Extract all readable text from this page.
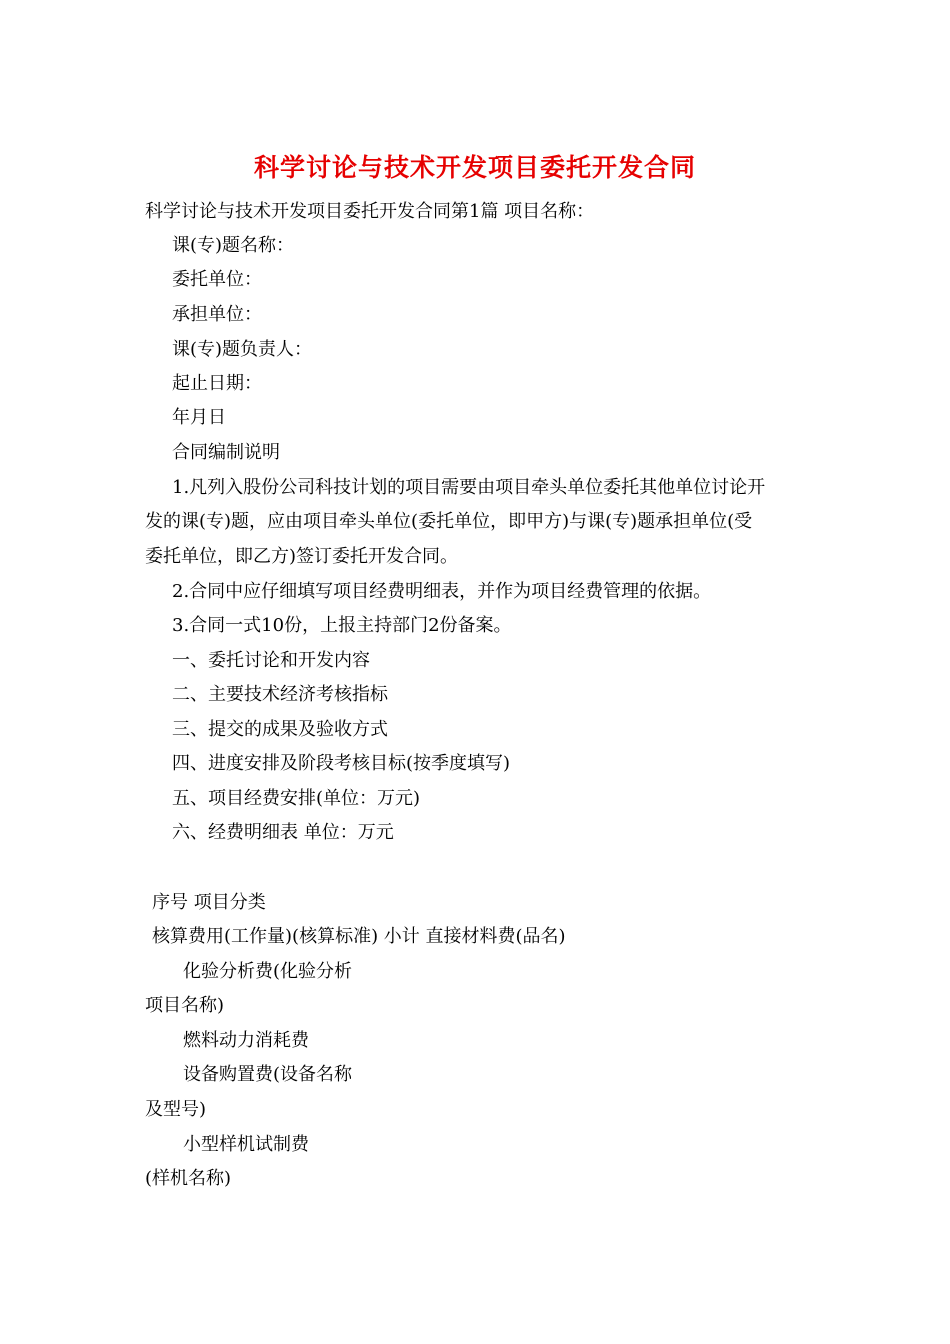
科学讨论与技术开发项目委托开发合同
科学讨论与技术开发项目委托开发合同第1篇 项目名称：
课(专)题名称：
委托单位：
承担单位：
课(专)题负责人：
起止日期：
年月日
合同编制说明
1.凡列入股份公司科技计划的项目需要由项目牵头单位委托其他单位讨论开
发的课(专)题，应由项目牵头单位(委托单位，即甲方)与课(专)题承担单位(受
委托单位，即乙方)签订委托开发合同。
2.合同中应仔细填写项目经费明细表，并作为项目经费管理的依据。
3.合同一式10份，上报主持部门2份备案。
一、委托讨论和开发内容
二、主要技术经济考核指标
三、提交的成果及验收方式
四、进度安排及阶段考核目标(按季度填写)
五、项目经费安排(单位：万元)
六、经费明细表 单位：万元
序号 项目分类
核算费用(工作量)(核算标准) 小计 直接材料费(品名)
化验分析费(化验分析
项目名称)
燃料动力消耗费
设备购置费(设备名称
及型号)
小型样机试制费
(样机名称)
